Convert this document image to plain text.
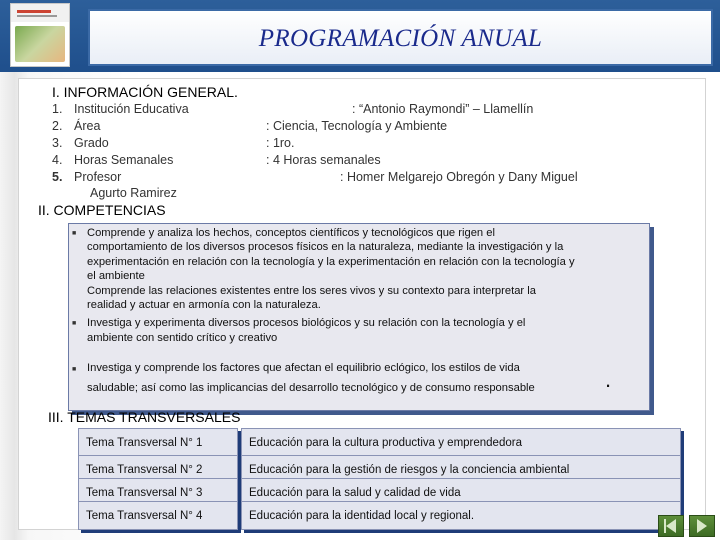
PROGRAMACIÓN ANUAL
I. INFORMACIÓN GENERAL.
1. Institución Educativa	: “Antonio Raymondi” – Llamellín
2. Área	: Ciencia, Tecnología y Ambiente
3. Grado	: 1ro.
4. Horas Semanales	: 4 Horas semanales
5. Profesor	: Homer Melgarejo Obregón y Dany Miguel
Agurto Ramirez
II. COMPETENCIAS
■ Comprende y analiza los hechos, conceptos científicos y tecnológicos que rigen el
comportamiento de los diversos procesos físicos en la naturaleza, mediante la investigación y la
experimentación en relación con la tecnología y la experimentación en relación con la tecnología y
el ambiente
Comprende las relaciones existentes entre los seres vivos y su contexto para interpretar la
realidad y actuar en armonía con la naturaleza.
■ Investiga y experimenta diversos procesos biológicos y su relación con la tecnología y el
ambiente con sentido crítico y creativo
■ Investiga y comprende los factores que afectan el equilibrio eclógico, los estilos de vida
saludable; así como las implicancias del desarrollo tecnológico y de consumo responsable	.
III. TEMAS TRANSVERSALES
Tema Transversal N° 1	Educación para la cultura productiva y emprendedora
Tema Transversal N° 2	Educación para la gestión de riesgos y la conciencia ambiental
Tema Transversal N° 3	Educación para la salud y calidad de vida
Tema Transversal N° 4	Educación para la identidad local y regional.
